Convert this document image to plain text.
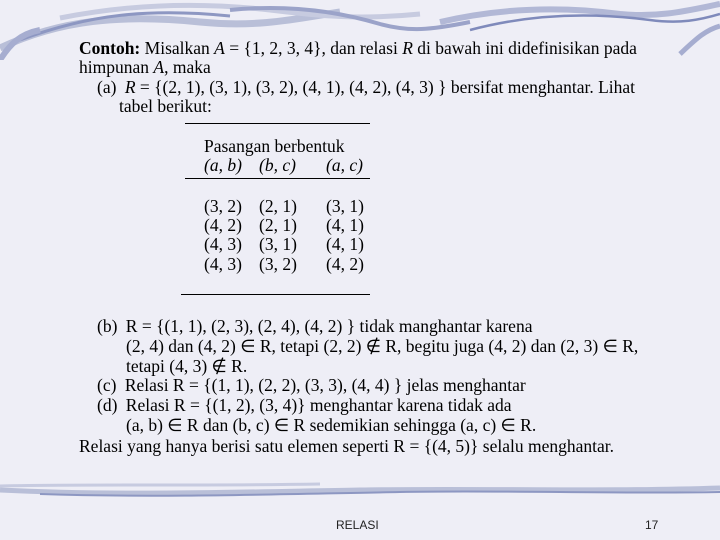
Contoh: Misalkan A = {1, 2, 3, 4}, dan relasi R di bawah ini didefinisikan pada
himpunan A, maka
(a) R = {(2, 1), (3, 1), (3, 2), (4, 1), (4, 2), (4, 3) } bersifat menghantar. Lihat
tabel berikut:
Pasangan berbentuk
(a, b) (b, c) (a, c)
(3, 2) (2, 1) (3, 1)
(4, 2) (2, 1) (4, 1)
(4, 3) (3, 1) (4, 1)
(4, 3) (3, 2) (4, 2)
(b) R = {(1, 1), (2, 3), (2, 4), (4, 2) } tidak manghantar karena
(2, 4) dan (4, 2) ∈ R, tetapi (2, 2) ∉ R, begitu juga (4, 2) dan (2, 3) ∈ R,
tetapi (4, 3) ∉ R.
(c) Relasi R = {(1, 1), (2, 2), (3, 3), (4, 4) } jelas menghantar
(d) Relasi R = {(1, 2), (3, 4)} menghantar karena tidak ada
(a, b) ∈ R dan (b, c) ∈ R sedemikian sehingga (a, c) ∈ R.
Relasi yang hanya berisi satu elemen seperti R = {(4, 5)} selalu menghantar.
RELASI	17
